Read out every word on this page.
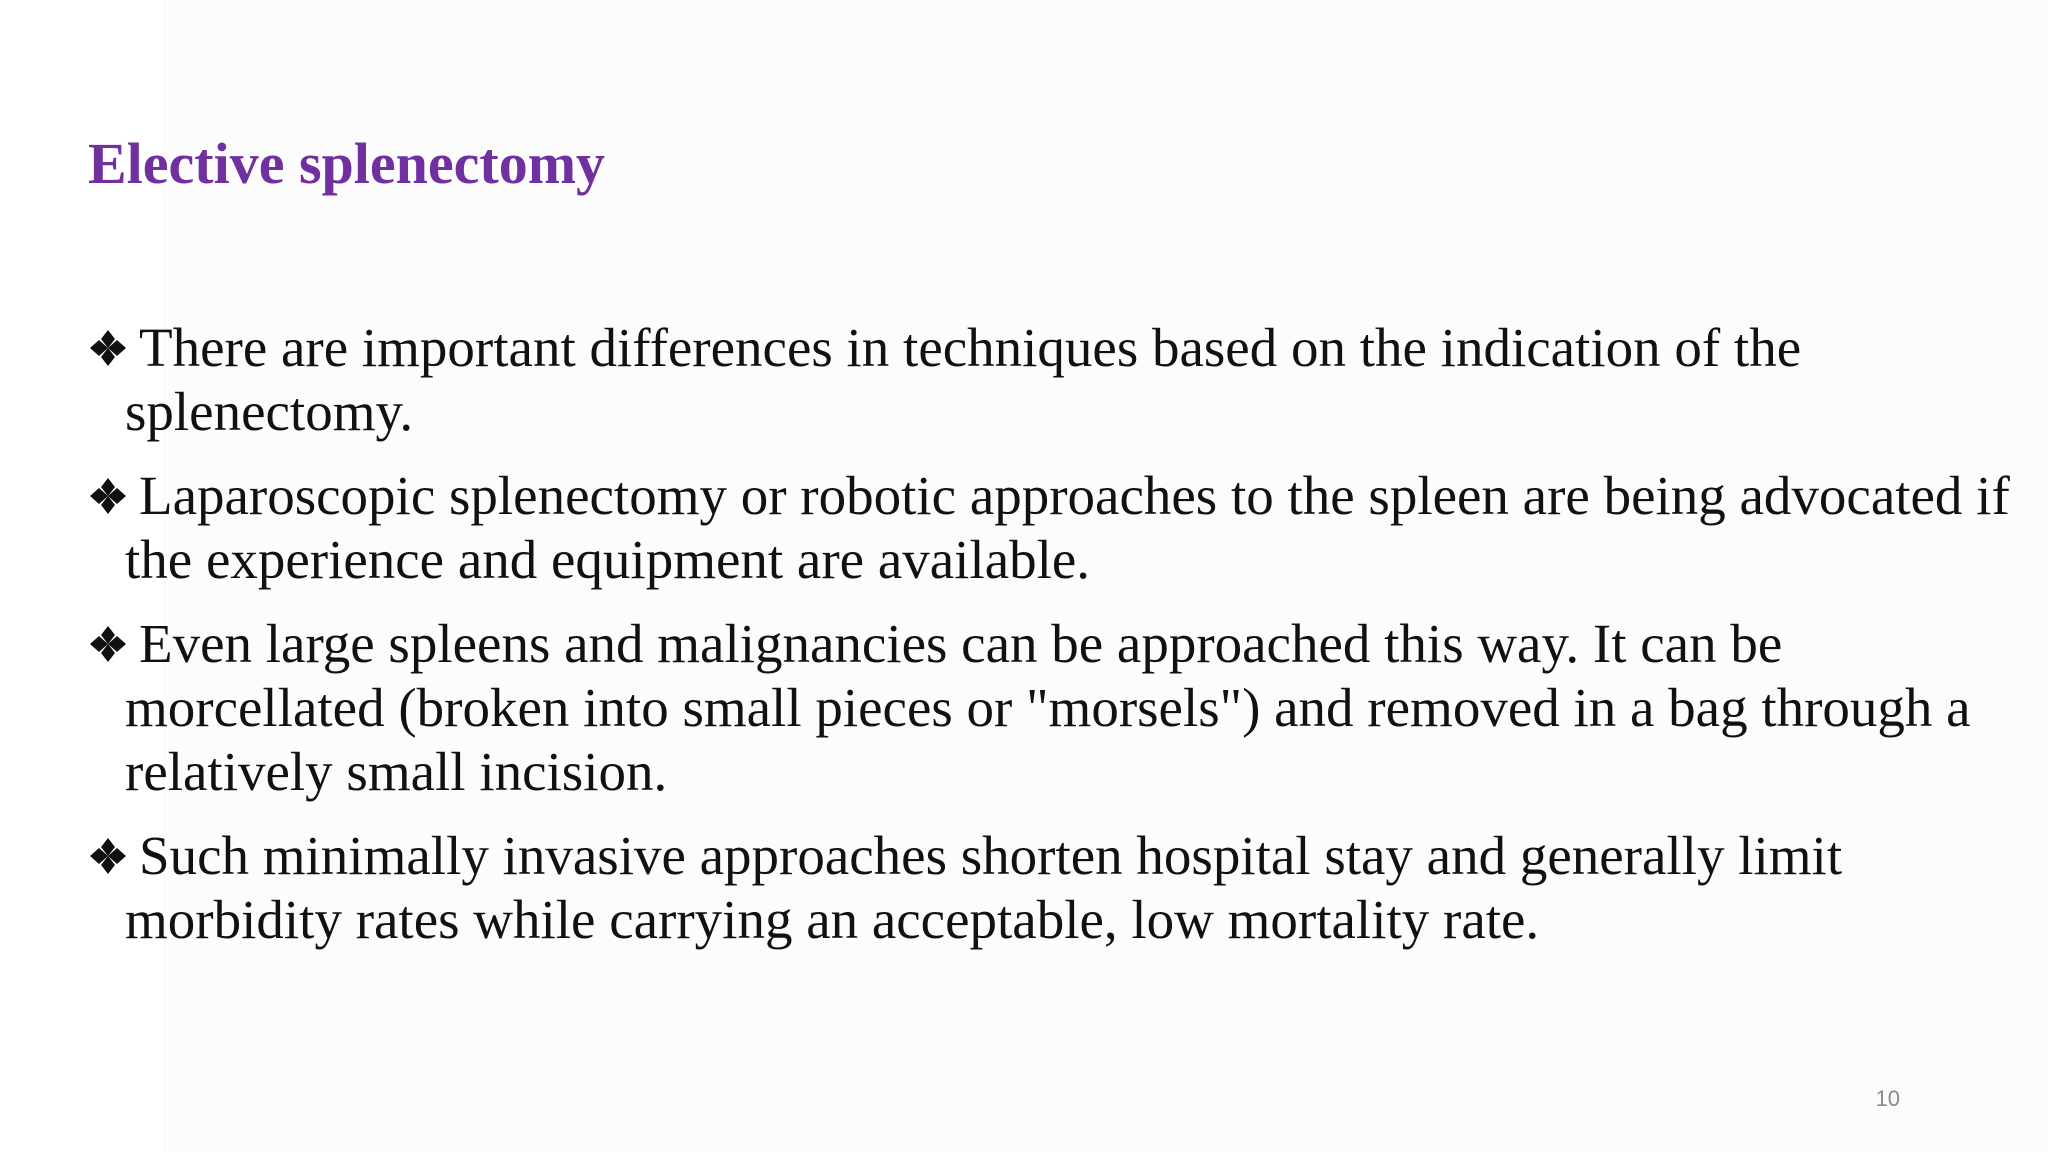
Elective splenectomy
There are important differences in techniques based on the indication of the splenectomy.
Laparoscopic splenectomy or robotic approaches to the spleen are being advocated if the experience and equipment are available.
Even large spleens and malignancies can be approached this way. It can be morcellated (broken into small pieces or "morsels") and removed in a bag through a relatively small incision.
Such minimally invasive approaches shorten hospital stay and generally limit morbidity rates while carrying an acceptable, low mortality rate.
10
